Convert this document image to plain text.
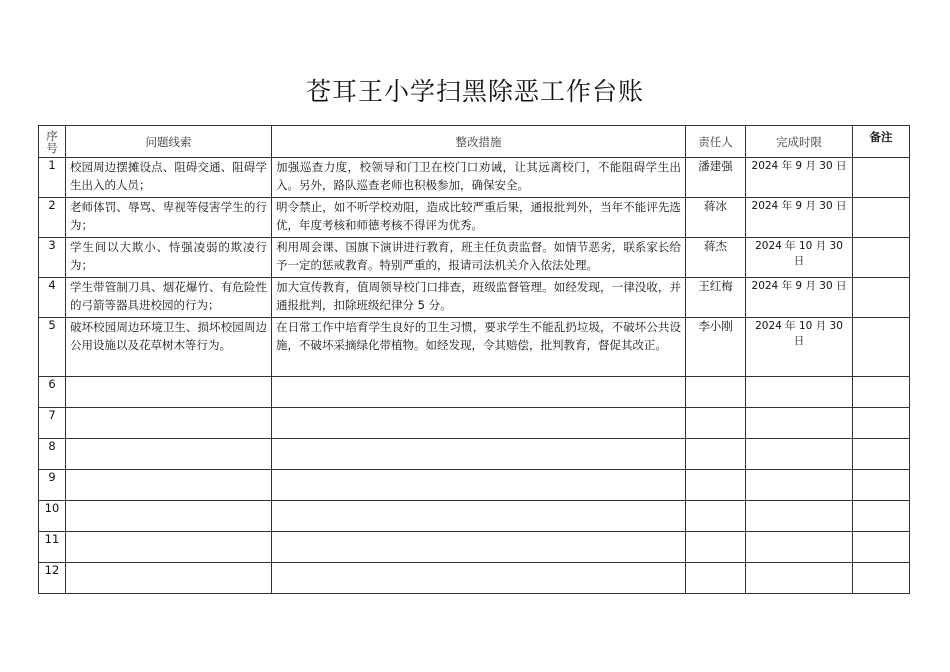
苍耳王小学扫黑除恶工作台账
序号	问题线索	整改措施	责任人	完成时限	备注
1	校园周边摆摊设点、阻碍交通、阻碍学生出入的人员；	加强巡查力度，校领导和门卫在校门口劝诫，让其远离校门，不能阻碍学生出入。另外，路队巡查老师也积极参加，确保安全。	潘建强	2024 年 9 月 30 日	
2	老师体罚、辱骂、卑视等侵害学生的行为；	明令禁止，如不听学校劝阻，造成比较严重后果，通报批判外，当年不能评先选优，年度考核和师德考核不得评为优秀。	蒋冰	2024 年 9 月 30 日	
3	学生间以大欺小、恃强凌弱的欺凌行为；	利用周会课、国旗下演讲进行教育，班主任负责监督。如情节恶劣，联系家长给予一定的惩戒教育。特别严重的，报请司法机关介入依法处理。	蒋杰	2024 年 10 月 30 日	
4	学生带管制刀具、烟花爆竹、有危险性的弓箭等器具进校园的行为；	加大宣传教育，值周领导校门口排查，班级监督管理。如经发现，一律没收，并通报批判，扣除班级纪律分 5 分。	王红梅	2024 年 9 月 30 日	
5	破坏校园周边环境卫生、损坏校园周边公用设施以及花草树木等行为。	在日常工作中培育学生良好的卫生习惯，要求学生不能乱扔垃圾，不破坏公共设施，不破坏采摘绿化带植物。如经发现，令其赔偿，批判教育，督促其改正。	李小刚	2024 年 10 月 30 日	
6					
7					
8					
9					
10					
11					
12					
